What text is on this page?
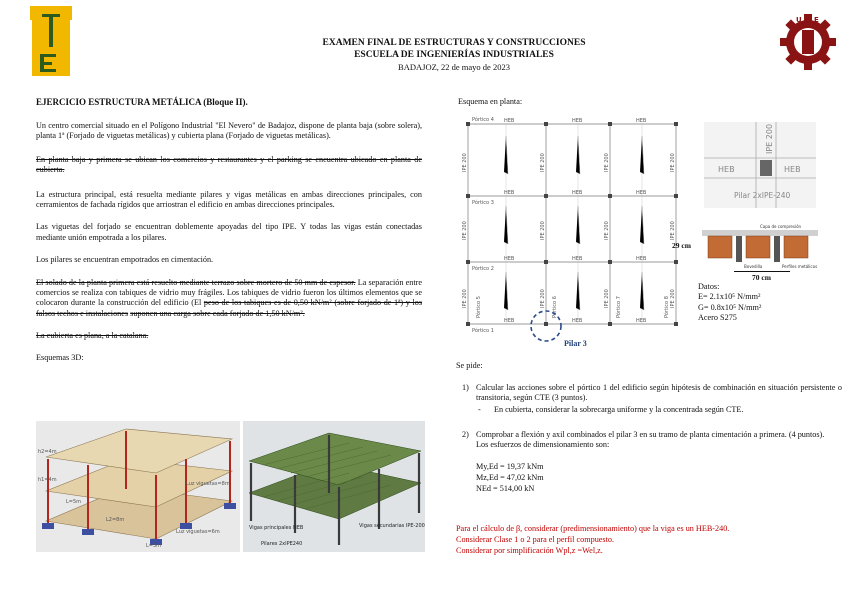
U E
EXAMEN FINAL DE ESTRUCTURAS Y CONSTRUCCIONES
ESCUELA DE INGENIERÍAS INDUSTRIALES
BADAJOZ, 22 de mayo de 2023
EJERCICIO ESTRUCTURA METÁLICA (Bloque II).
Un centro comercial situado en el Polígono Industrial "El Nevero" de Badajoz, dispone de planta baja (sobre solera), planta 1ª (Forjado de viguetas metálicas) y cubierta plana (Forjado de viguetas metálicas).
En planta baja y primera se ubican los comercios y restaurantes y el parking se encuentra ubicado en planta de cubierta.
La estructura principal, está resuelta mediante pilares y vigas metálicas en ambas direcciones principales, con cerramientos de fachada rígidos que arriostran el edificio en ambas direcciones principales.
Las viguetas del forjado se encuentran doblemente apoyadas del tipo IPE. Y todas las vigas están conectadas mediante unión empotrada a los pilares.
Los pilares se encuentran empotrados en cimentación.
El solado de la planta primera está resuelto mediante terrazo sobre mortero de 50 mm de espesor. La separación entre comercios se realiza con tabiques de vidrio muy frágiles. Los tabiques de vidrio fueron los últimos elementos que se colocaron durante la construcción del edificio (El peso de los tabiques es de 0,50 kN/m² (sobre forjado de 1ª) y los falsos techos e instalaciones suponen una carga sobre cada forjado de 1,50 kN/m².
La cubierta es plana, a la catalana.
Esquemas 3D:
h2=4m
h1=4m
L=5m
L2=8m
L=3m
Luz viguetas=8m
Luz viguetas=6m
Vigas principales HEB	Vigas secundarias IPE-200
Pilares 2xIPE240
Esquema en planta:
HEB	HEB	HEB
HEB	HEB	HEB
HEB	HEB	HEB
HEB	HEB	HEB
IPE 200	IPE 200	IPE 200	IPE 200
IPE 200	IPE 200	IPE 200	IPE 200
IPE 200	IPE 200	IPE 200	IPE 200
Pórtico 4
Pórtico 3
Pórtico 2
Pórtico 1
Pórtico 5	Pórtico 6	Pórtico 7	Pórtico 8
Pilar 3
HEB	HEB
IPE 200
Pilar 2xIPE-240
Capa de compresión
Bovedilla	Perfiles metálicos
29 cm
70 cm
Datos:
E= 2.1x10⁵ N/mm²
G= 0.8x10⁵ N/mm²
Acero S275
Se pide:
1) Calcular las acciones sobre el pórtico 1 del edificio según hipótesis de combinación en situación persistente o transitoria, según CTE (3 puntos).
- En cubierta, considerar la sobrecarga uniforme y la concentrada según CTE.
2) Comprobar a flexión y axil combinados el pilar 3 en su tramo de planta cimentación a primera. (4 puntos).
Los esfuerzos de dimensionamiento son:
My,Ed = 19,37 kNm
Mz,Ed = 47,02 kNm
NEd = 514,00 kN
Para el cálculo de β, considerar (predimensionamiento) que la viga es un HEB-240.
Considerar Clase 1 o 2 para el perfil compuesto.
Considerar por simplificación Wpl,z =Wel,z.
